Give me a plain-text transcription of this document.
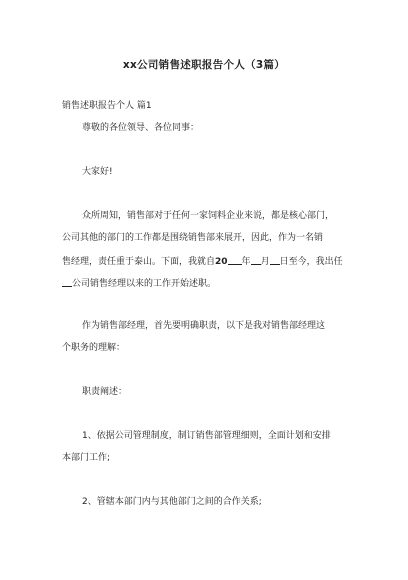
xx公司销售述职报告个人（3篇）
销售述职报告个人 篇1
尊敬的各位领导、各位同事：
大家好!
众所周知，销售部对于任何一家饲料企业来说，都是核心部门，
公司其他的部门的工作都是围绕销售部来展开，因此，作为一名销
售经理，责任重于泰山。下面，我就自20 年 月 日至今，我出任
公司销售经理以来的工作开始述职。
作为销售部经理，首先要明确职责，以下是我对销售部经理这
个职务的理解：
职责阐述：
1、依据公司管理制度，制订销售部管理细则，全面计划和安排
本部门工作;
2、管辖本部门内与其他部门之间的合作关系;
